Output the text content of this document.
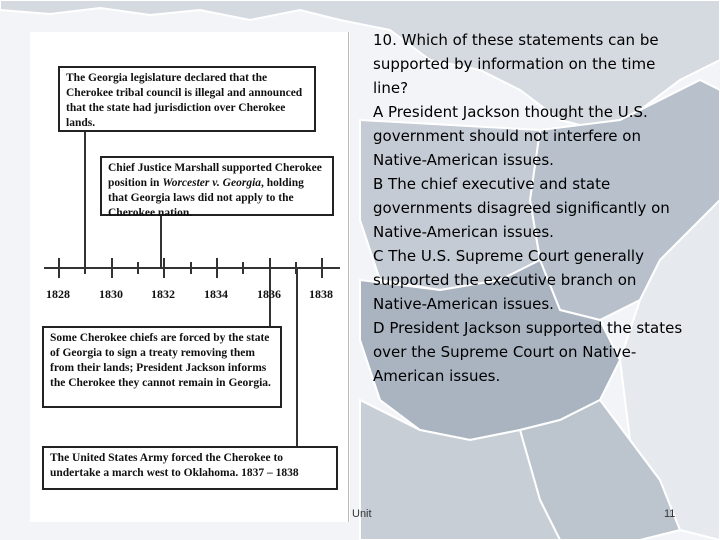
1828 1830 1832 1834 1836 1838
The Georgia legislature declared that the Cherokee tribal council is illegal and announced that the state had jurisdiction over Cherokee lands.
Chief Justice Marshall supported Cherokee position in Worcester v. Georgia, holding that Georgia laws did not apply to the Cherokee nation.
Some Cherokee chiefs are forced by the state of Georgia to sign a treaty removing them from their lands; President Jackson informs the Cherokee they cannot remain in Georgia.
The United States Army forced the Cherokee to undertake a march west to Oklahoma. 1837 – 1838

10. Which of these statements can be supported by information on the time line?

A President Jackson thought the U.S. government should not interfere on Native-American issues.

B The chief executive and state governments disagreed significantly on Native-American issues.

C The U.S. Supreme Court generally supported the executive branch on Native-American issues.

D President Jackson supported the states over the Supreme Court on Native-American issues.

Unit	11
